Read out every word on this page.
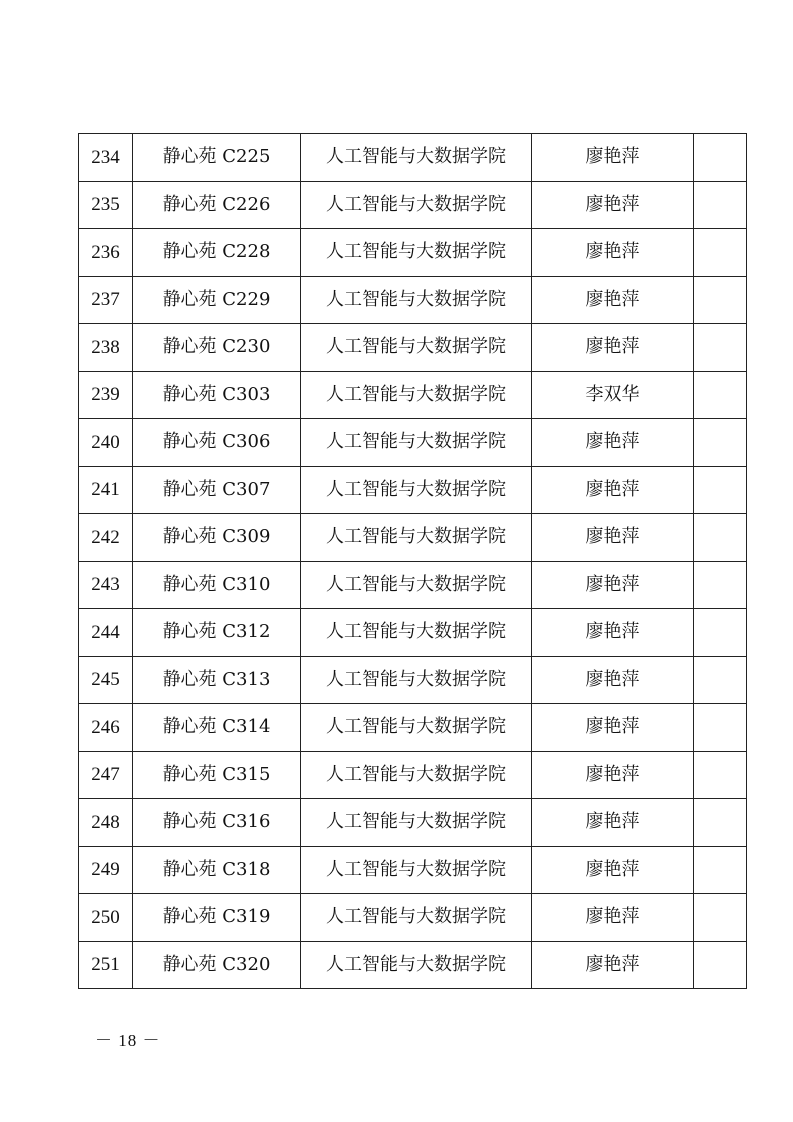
234	静心苑 C225	人工智能与大数据学院	廖艳萍	
235	静心苑 C226	人工智能与大数据学院	廖艳萍	
236	静心苑 C228	人工智能与大数据学院	廖艳萍	
237	静心苑 C229	人工智能与大数据学院	廖艳萍	
238	静心苑 C230	人工智能与大数据学院	廖艳萍	
239	静心苑 C303	人工智能与大数据学院	李双华	
240	静心苑 C306	人工智能与大数据学院	廖艳萍	
241	静心苑 C307	人工智能与大数据学院	廖艳萍	
242	静心苑 C309	人工智能与大数据学院	廖艳萍	
243	静心苑 C310	人工智能与大数据学院	廖艳萍	
244	静心苑 C312	人工智能与大数据学院	廖艳萍	
245	静心苑 C313	人工智能与大数据学院	廖艳萍	
246	静心苑 C314	人工智能与大数据学院	廖艳萍	
247	静心苑 C315	人工智能与大数据学院	廖艳萍	
248	静心苑 C316	人工智能与大数据学院	廖艳萍	
249	静心苑 C318	人工智能与大数据学院	廖艳萍	
250	静心苑 C319	人工智能与大数据学院	廖艳萍	
251	静心苑 C320	人工智能与大数据学院	廖艳萍	
－ 18 －
